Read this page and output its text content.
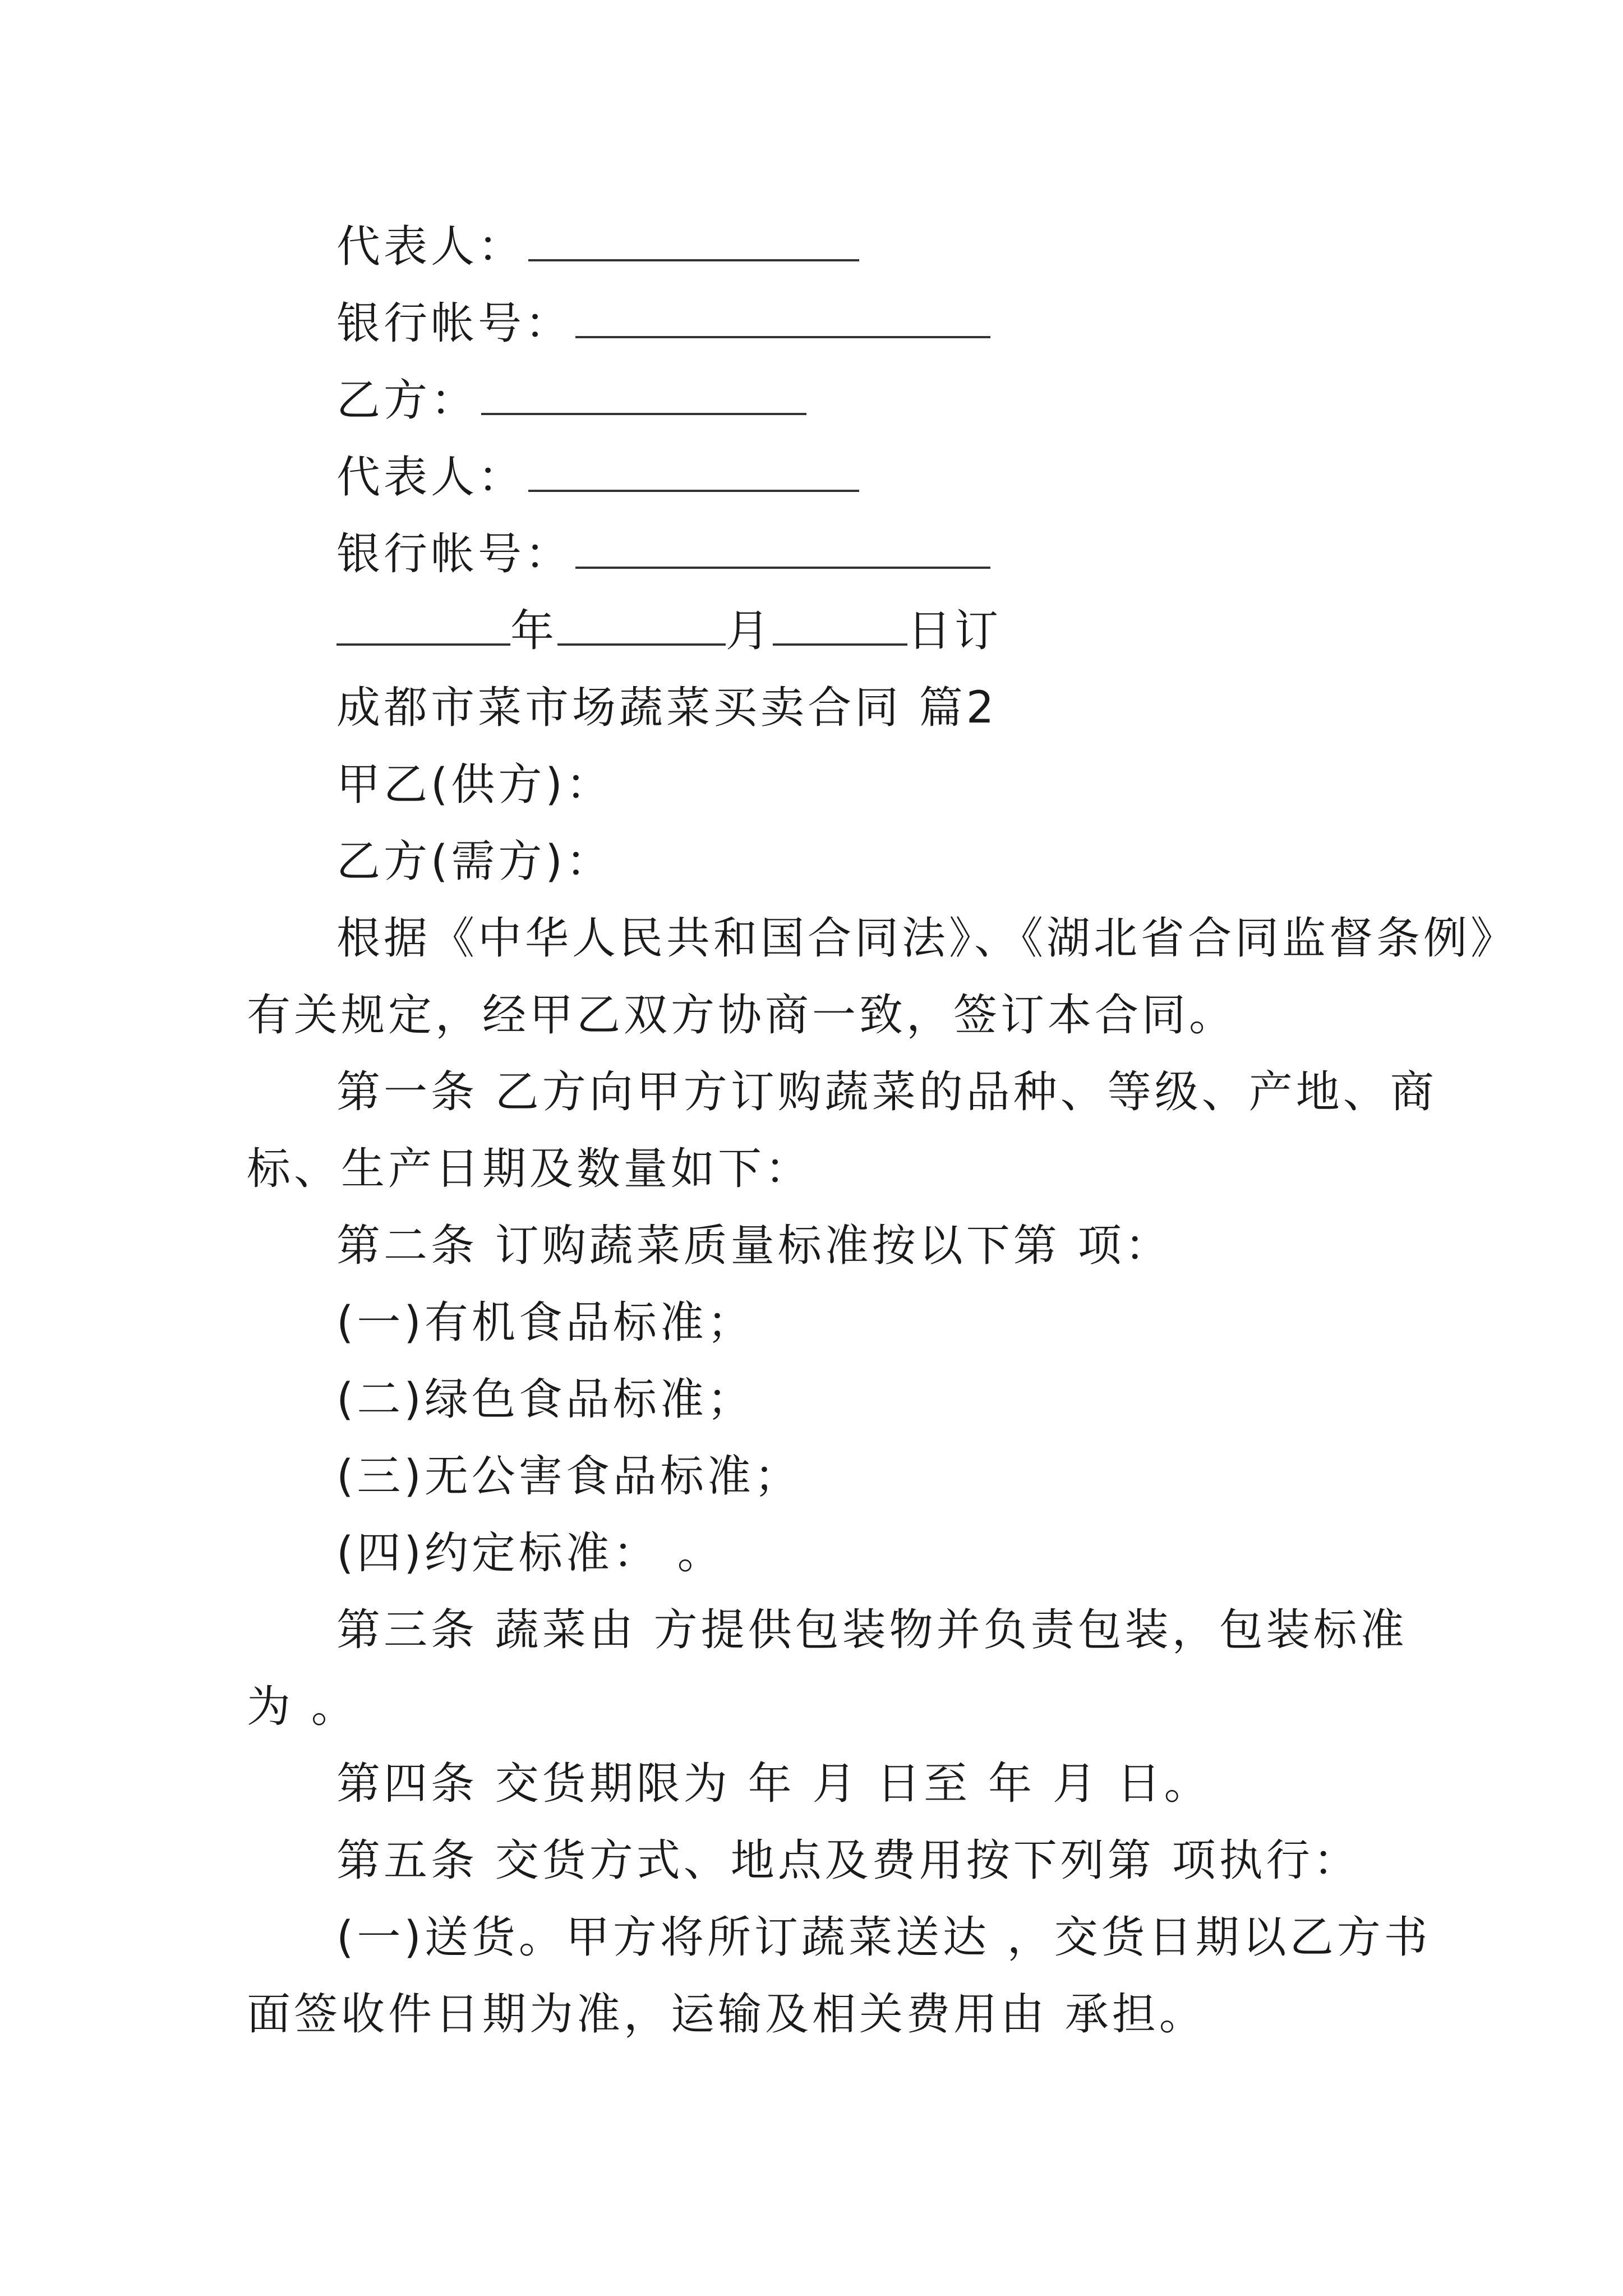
代表人：
银行帐号：
乙方：
代表人：
银行帐号：
年	月	日订
成都市菜市场蔬菜买卖合同 篇2
甲乙(供方)：
乙方(需方)：
根据《中华人民共和国合同法》、《湖北省合同监督条例》
有关规定，经甲乙双方协商一致，签订本合同。
第一条 乙方向甲方订购蔬菜的品种、等级、产地、商
标、生产日期及数量如下：
第二条 订购蔬菜质量标准按以下第 项：
(一)有机食品标准；
(二)绿色食品标准；
(三)无公害食品标准；
(四)约定标准： 。
第三条 蔬菜由 方提供包装物并负责包装，包装标准
为 。
第四条 交货期限为 年 月 日至 年 月 日。
第五条 交货方式、地点及费用按下列第 项执行：
(一)送货。甲方将所订蔬菜送达 ，交货日期以乙方书
面签收件日期为准，运输及相关费用由 承担。
